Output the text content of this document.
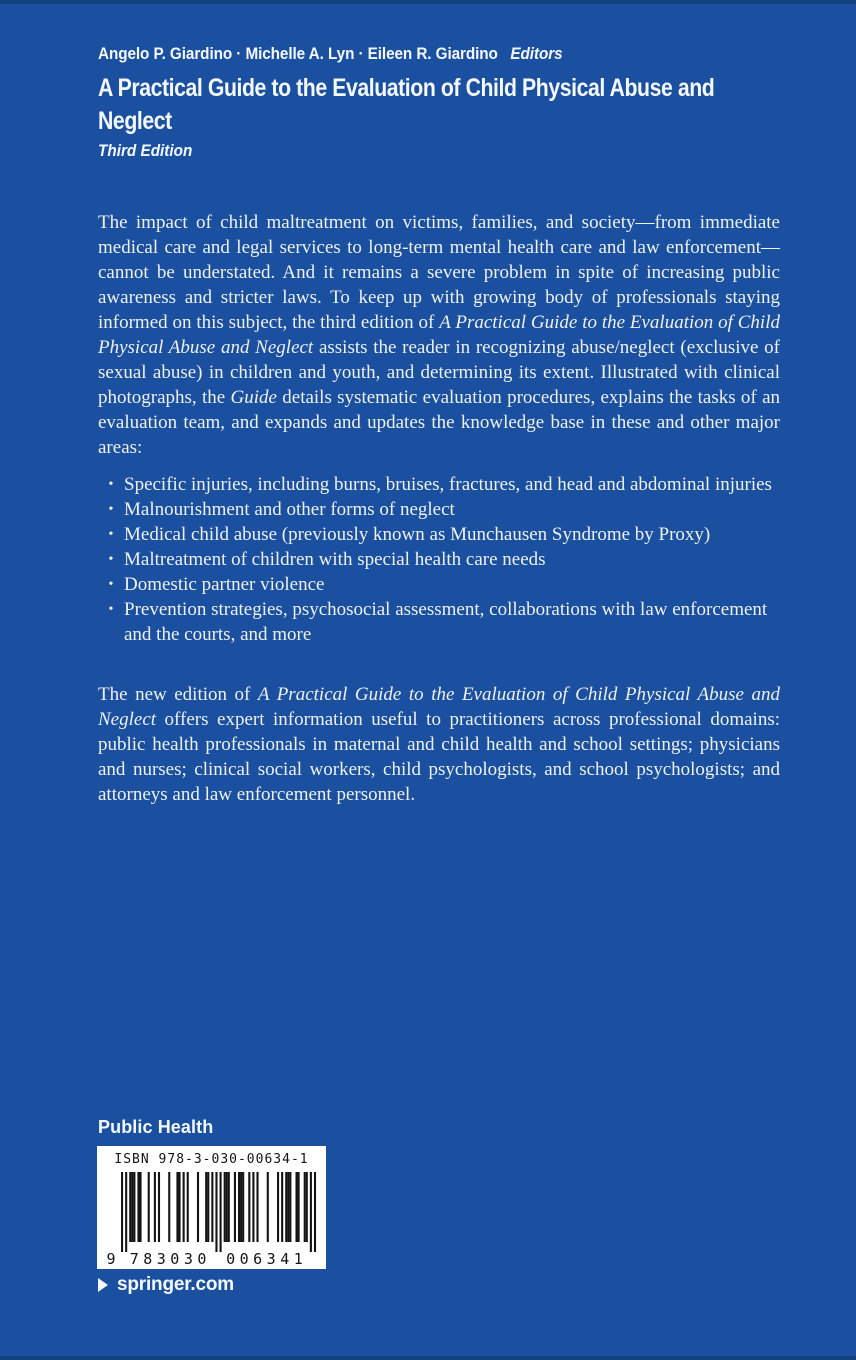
Angelo P. Giardino · Michelle A. Lyn · Eileen R. Giardino Editors
A Practical Guide to the Evaluation of Child Physical Abuse and
Neglect
Third Edition
The impact of child maltreatment on victims, families, and society—from immediate medical care and legal services to long-term mental health care and law enforcement—cannot be understated. And it remains a severe problem in spite of increasing public awareness and stricter laws. To keep up with growing body of professionals staying informed on this subject, the third edition of A Practical Guide to the Evaluation of Child Physical Abuse and Neglect assists the reader in recognizing abuse/neglect (exclusive of sexual abuse) in children and youth, and determining its extent. Illustrated with clinical photographs, the Guide details systematic evaluation procedures, explains the tasks of an evaluation team, and expands and updates the knowledge base in these and other major areas:
• Specific injuries, including burns, bruises, fractures, and head and abdominal injuries
• Malnourishment and other forms of neglect
• Medical child abuse (previously known as Munchausen Syndrome by Proxy)
• Maltreatment of children with special health care needs
• Domestic partner violence
• Prevention strategies, psychosocial assessment, collaborations with law enforcement and the courts, and more
The new edition of A Practical Guide to the Evaluation of Child Physical Abuse and Neglect offers expert information useful to practitioners across professional domains: public health professionals in maternal and child health and school settings; physicians and nurses; clinical social workers, child psychologists, and school psychologists; and attorneys and law enforcement personnel.
Public Health
ISBN 978-3-030-00634-1
9 783030 006341
springer.com
